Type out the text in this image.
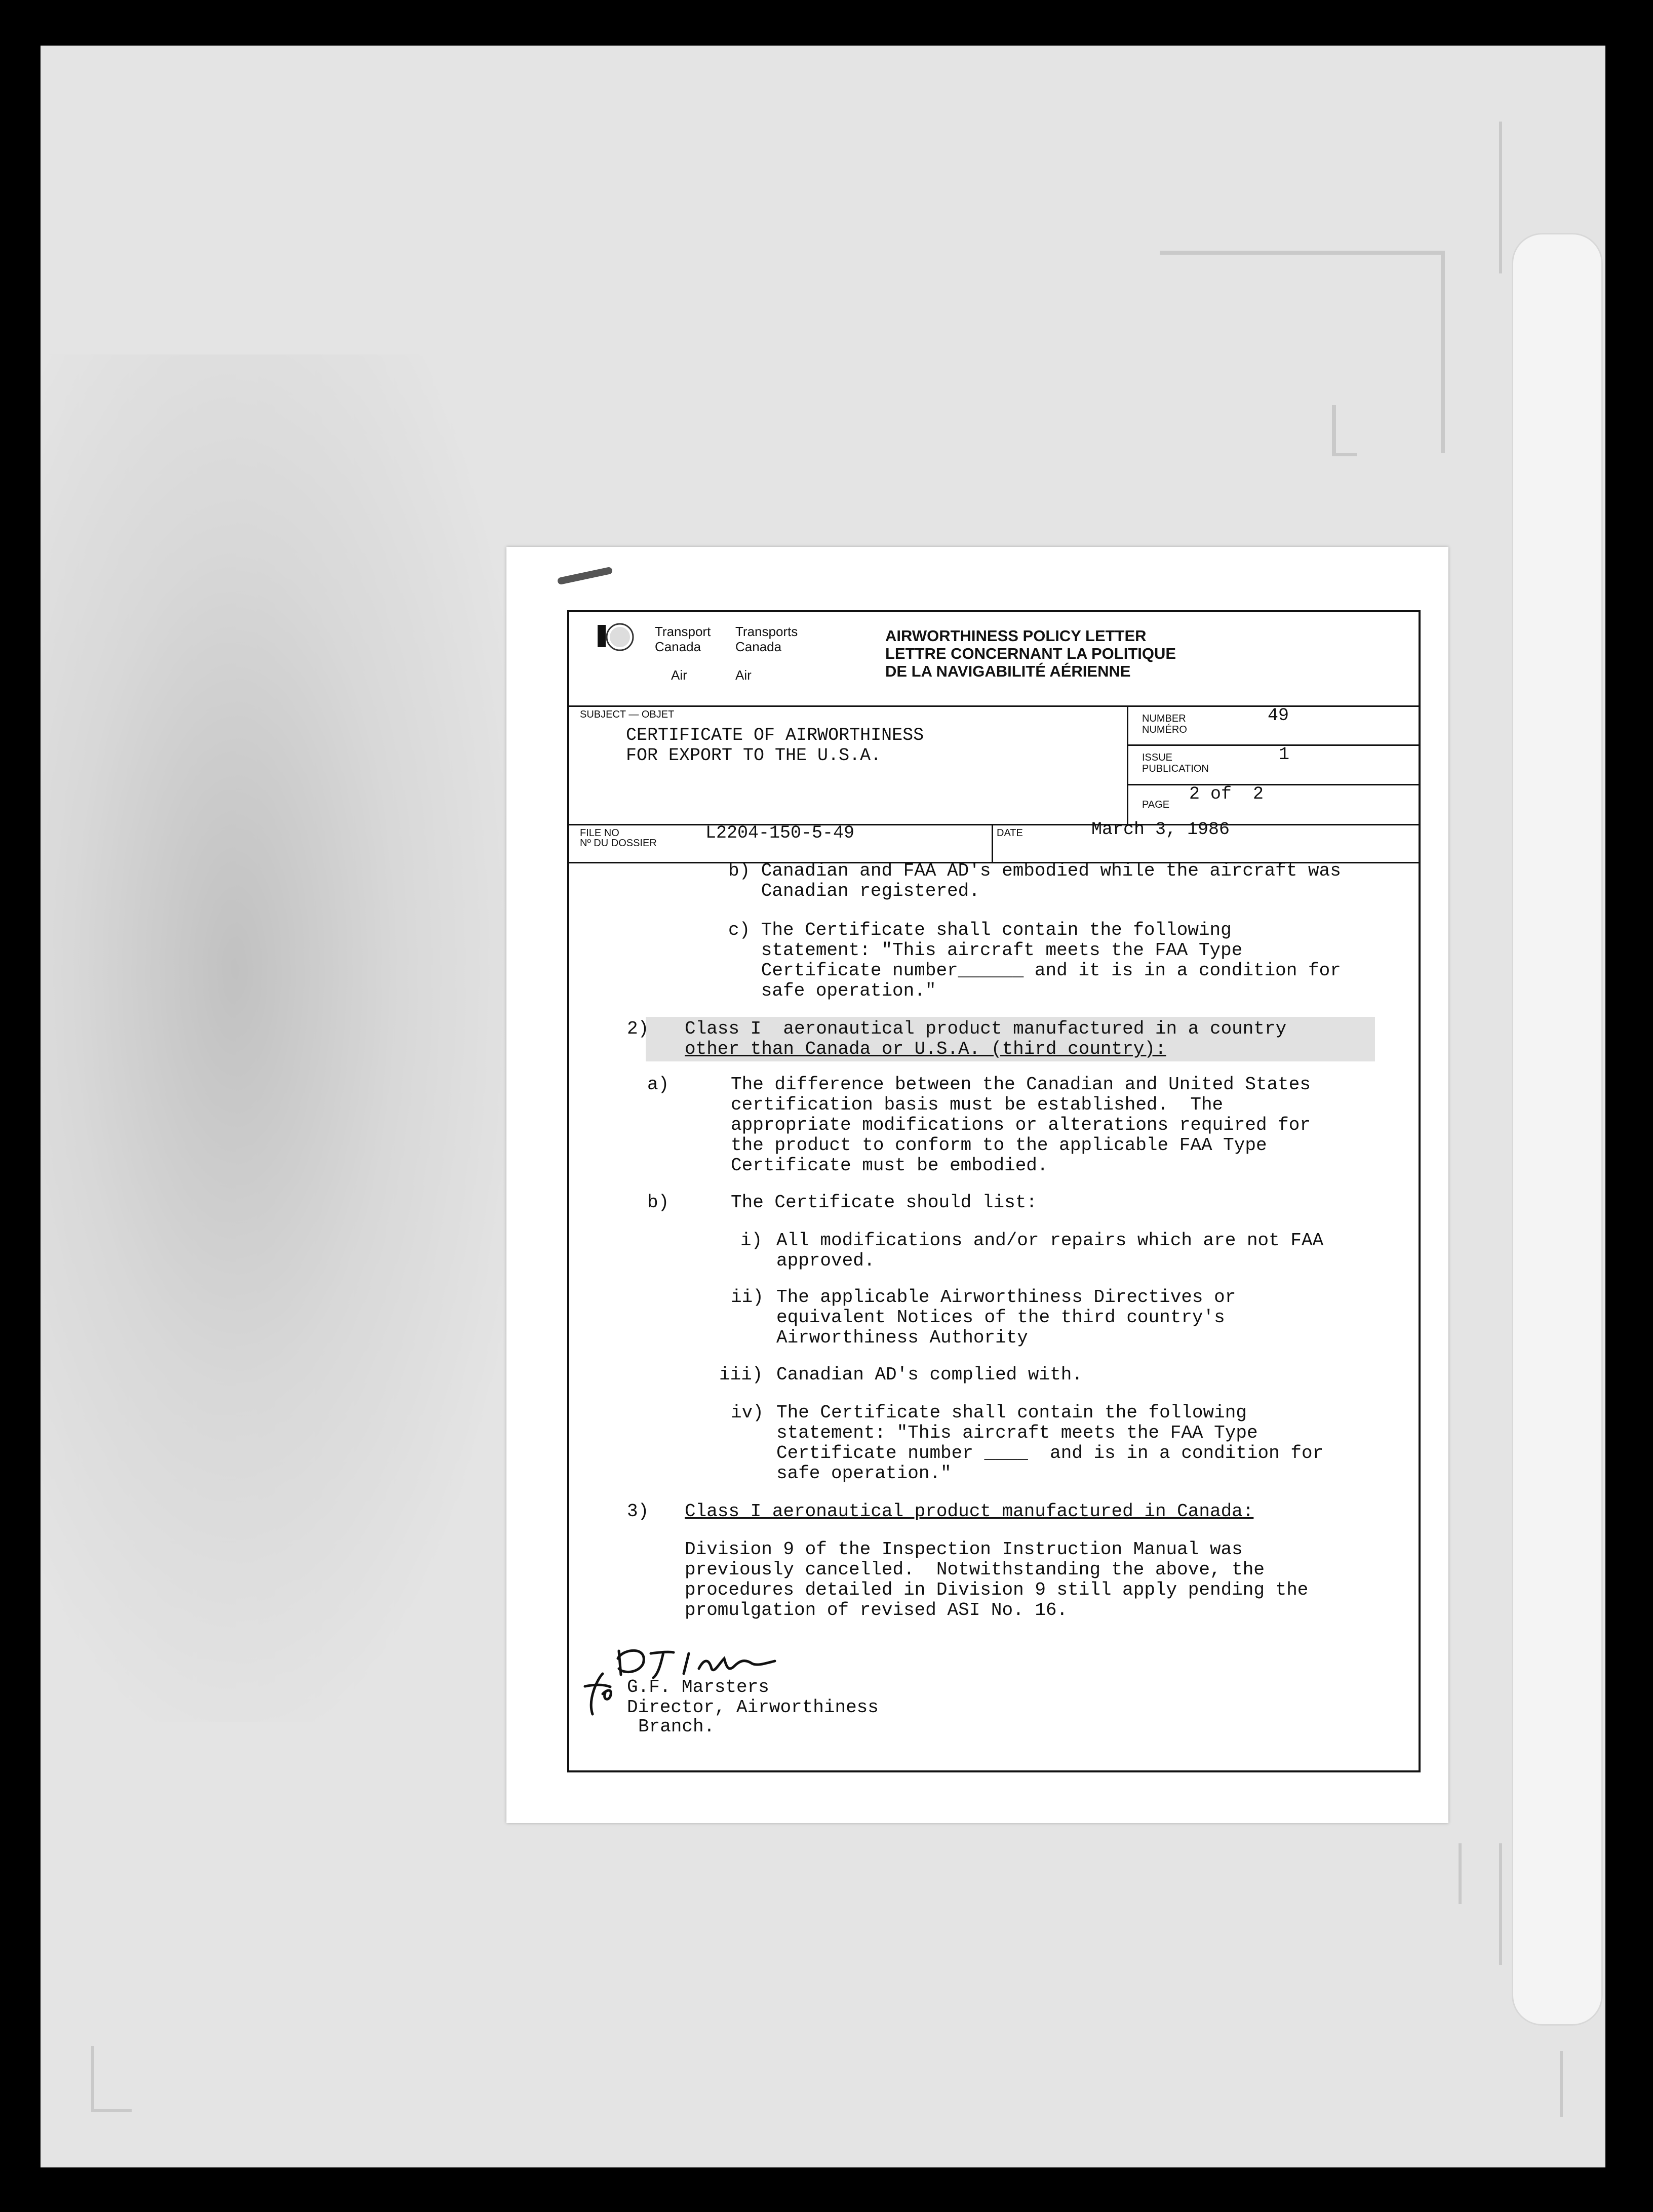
Transport
Canada
Transports
Canada
Air	Air
AIRWORTHINESS POLICY LETTER
LETTRE CONCERNANT LA POLITIQUE
DE LA NAVIGABILITÉ AÉRIENNE
SUBJECT — OBJET
CERTIFICATE OF AIRWORTHINESS
FOR EXPORT TO THE U.S.A.
NUMBER
NUMÉRO
49
ISSUE
PUBLICATION
1
PAGE
2 of  2
FILE NO
Nº DU DOSSIER	L2204-150-5-49	DATE	March 3, 1986
b) Canadian and FAA AD's embodied while the aircraft was
Canadian registered.
c) The Certificate shall contain the following
statement: "This aircraft meets the FAA Type
Certificate number______ and it is in a condition for
safe operation."
2) Class I  aeronautical product manufactured in a country
other than Canada or U.S.A. (third country):
a)	The difference between the Canadian and United States
certification basis must be established.  The
appropriate modifications or alterations required for
the product to conform to the applicable FAA Type
Certificate must be embodied.
b)	The Certificate should list:
i) All modifications and/or repairs which are not FAA
approved.
ii) The applicable Airworthiness Directives or
equivalent Notices of the third country's
Airworthiness Authority
iii) Canadian AD's complied with.
iv) The Certificate shall contain the following
statement: "This aircraft meets the FAA Type
Certificate number ____  and is in a condition for
safe operation."
3) Class I aeronautical product manufactured in Canada:
Division 9 of the Inspection Instruction Manual was
previously cancelled.  Notwithstanding the above, the
procedures detailed in Division 9 still apply pending the
promulgation of revised ASI No. 16.
G.F. Marsters
Director, Airworthiness
Branch.
